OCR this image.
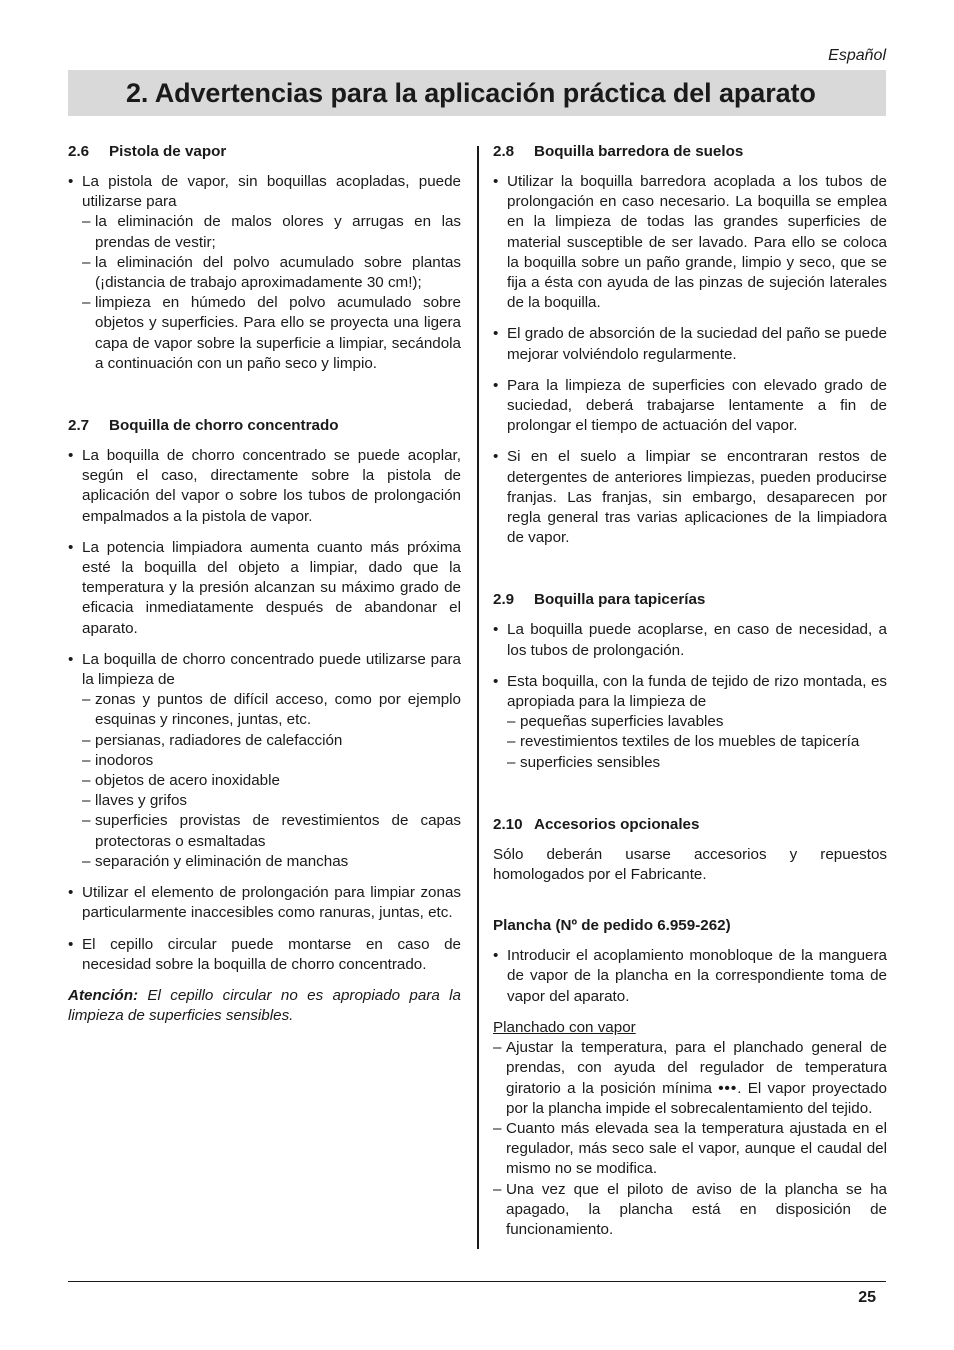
Español
2. Advertencias para la aplicación práctica del aparato
2.6 Pistola de vapor
• La pistola de vapor, sin boquillas acopladas, puede utilizarse para
– la eliminación de malos olores y arrugas en las prendas de vestir;
– la eliminación del polvo acumulado sobre plantas (¡distancia de trabajo aproximadamente 30 cm!);
– limpieza en húmedo del polvo acumulado sobre objetos y superficies. Para ello se proyecta una ligera capa de vapor sobre la superficie a limpiar, secándola a continuación con un paño seco y limpio.
2.7 Boquilla de chorro concentrado
• La boquilla de chorro concentrado se puede acoplar, según el caso, directamente sobre la pistola de aplicación del vapor o sobre los tubos de prolongación empalmados a la pistola de vapor.
• La potencia limpiadora aumenta cuanto más próxima esté la boquilla del objeto a limpiar, dado que la temperatura y la presión alcanzan su máximo grado de eficacia inmediatamente después de abandonar el aparato.
• La boquilla de chorro concentrado puede utilizarse para la limpieza de
– zonas y puntos de difícil acceso, como por ejemplo esquinas y rincones, juntas, etc.
– persianas, radiadores de calefacción
– inodoros
– objetos de acero inoxidable
– llaves y grifos
– superficies provistas de revestimientos de capas protectoras o esmaltadas
– separación y eliminación de manchas
• Utilizar el elemento de prolongación para limpiar zonas particularmente inaccesibles como ranuras, juntas, etc.
• El cepillo circular puede montarse en caso de necesidad sobre la boquilla de chorro concentrado.

Atención: El cepillo circular no es apropiado para la limpieza de superficies sensibles.

2.8 Boquilla barredora de suelos
• Utilizar la boquilla barredora acoplada a los tubos de prolongación en caso necesario. La boquilla se emplea en la limpieza de todas las grandes superficies de material susceptible de ser lavado. Para ello se coloca la boquilla sobre un paño grande, limpio y seco, que se fija a ésta con ayuda de las pinzas de sujeción laterales de la boquilla.
• El grado de absorción de la suciedad del paño se puede mejorar volviéndolo regularmente.
• Para la limpieza de superficies con elevado grado de suciedad, deberá trabajarse lentamente a fin de prolongar el tiempo de actuación del vapor.
• Si en el suelo a limpiar se encontraran restos de detergentes de anteriores limpiezas, pueden producirse franjas. Las franjas, sin embargo, desaparecen por regla general tras varias aplicaciones de la limpiadora de vapor.
2.9 Boquilla para tapicerías
• La boquilla puede acoplarse, en caso de necesidad, a los tubos de prolongación.
• Esta boquilla, con la funda de tejido de rizo montada, es apropiada para la limpieza de
– pequeñas superficies lavables
– revestimientos textiles de los muebles de tapicería
– superficies sensibles
2.10 Accesorios opcionales

Sólo deberán usarse accesorios y repuestos homologados por el Fabricante.

Plancha (Nº de pedido 6.959-262)
• Introducir el acoplamiento monobloque de la manguera de vapor de la plancha en la correspondiente toma de vapor del aparato.

Planchado con vapor

– Ajustar la temperatura, para el planchado general de prendas, con ayuda del regulador de temperatura giratorio a la posición mínima •••. El vapor proyectado por la plancha impide el sobrecalentamiento del tejido.
– Cuanto más elevada sea la temperatura ajustada en el regulador, más seco sale el vapor, aunque el caudal del mismo no se modifica.
– Una vez que el piloto de aviso de la plancha se ha apagado, la plancha está en disposición de funcionamiento.
25
